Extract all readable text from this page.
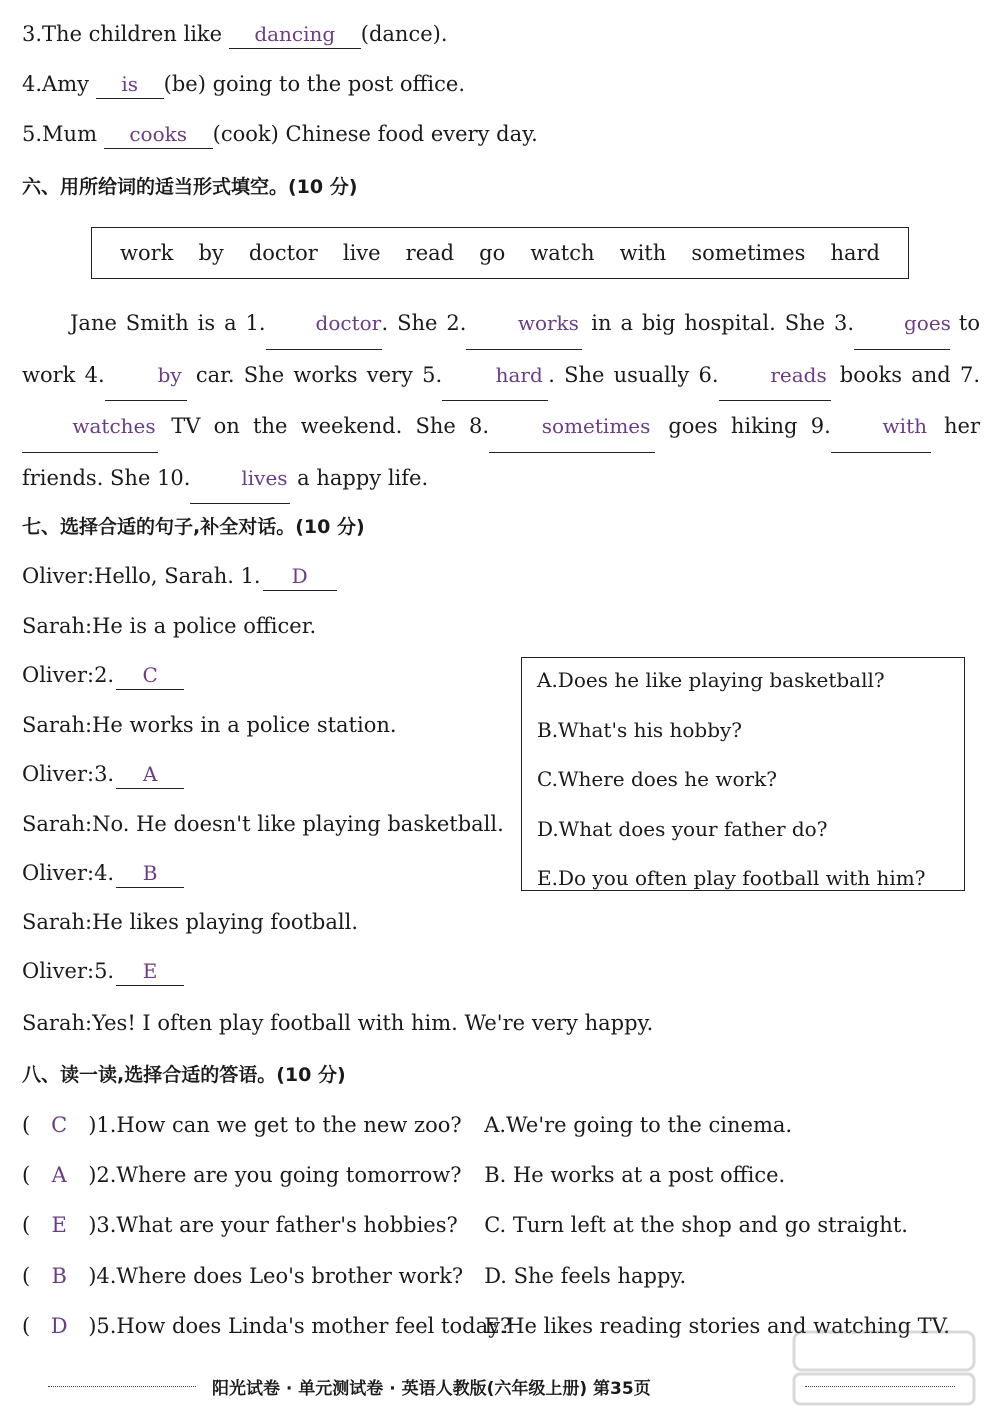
3.The children like dancing (dance).
4.Amy is (be) going to the post office.
5.Mum cooks (cook) Chinese food every day.
六、用所给词的适当形式填空。(10 分)
work by doctor live read go watch with sometimes hard
Jane Smith is a 1.	doctor. She 2.	works in a big hospital. She 3.	goes to work 4.	by car. She works very 5.	hard . She usually 6.	reads books and 7.watches TV on the weekend. She 8.	sometimes goes hiking 9.	with her friends. She 10.	lives a happy life.
七、选择合适的句子,补全对话。(10 分)
Oliver:Hello, Sarah. 1. D
Sarah:He is a police officer.
Oliver:2. C
Sarah:He works in a police station.
Oliver:3. A
Sarah:No. He doesn't like playing basketball.
Oliver:4. B
Sarah:He likes playing football.
Oliver:5. E
Sarah:Yes! I often play football with him. We're very happy.
A.Does he like playing basketball?
B.What's his hobby?
C.Where does he work?
D.What does your father do?
E.Do you often play football with him?
八、读一读,选择合适的答语。(10 分)
( C )1.How can we get to the new zoo? A.We're going to the cinema.
( A )2.Where are you going tomorrow? B. He works at a post office.
( E )3.What are your father's hobbies? C. Turn left at the shop and go straight.
( B )4.Where does Leo's brother work? D. She feels happy.
( D )5.How does Linda's mother feel today?E.He likes reading stories and watching TV.
阳光试卷 · 单元测试卷 · 英语人教版(六年级上册) 第35页
